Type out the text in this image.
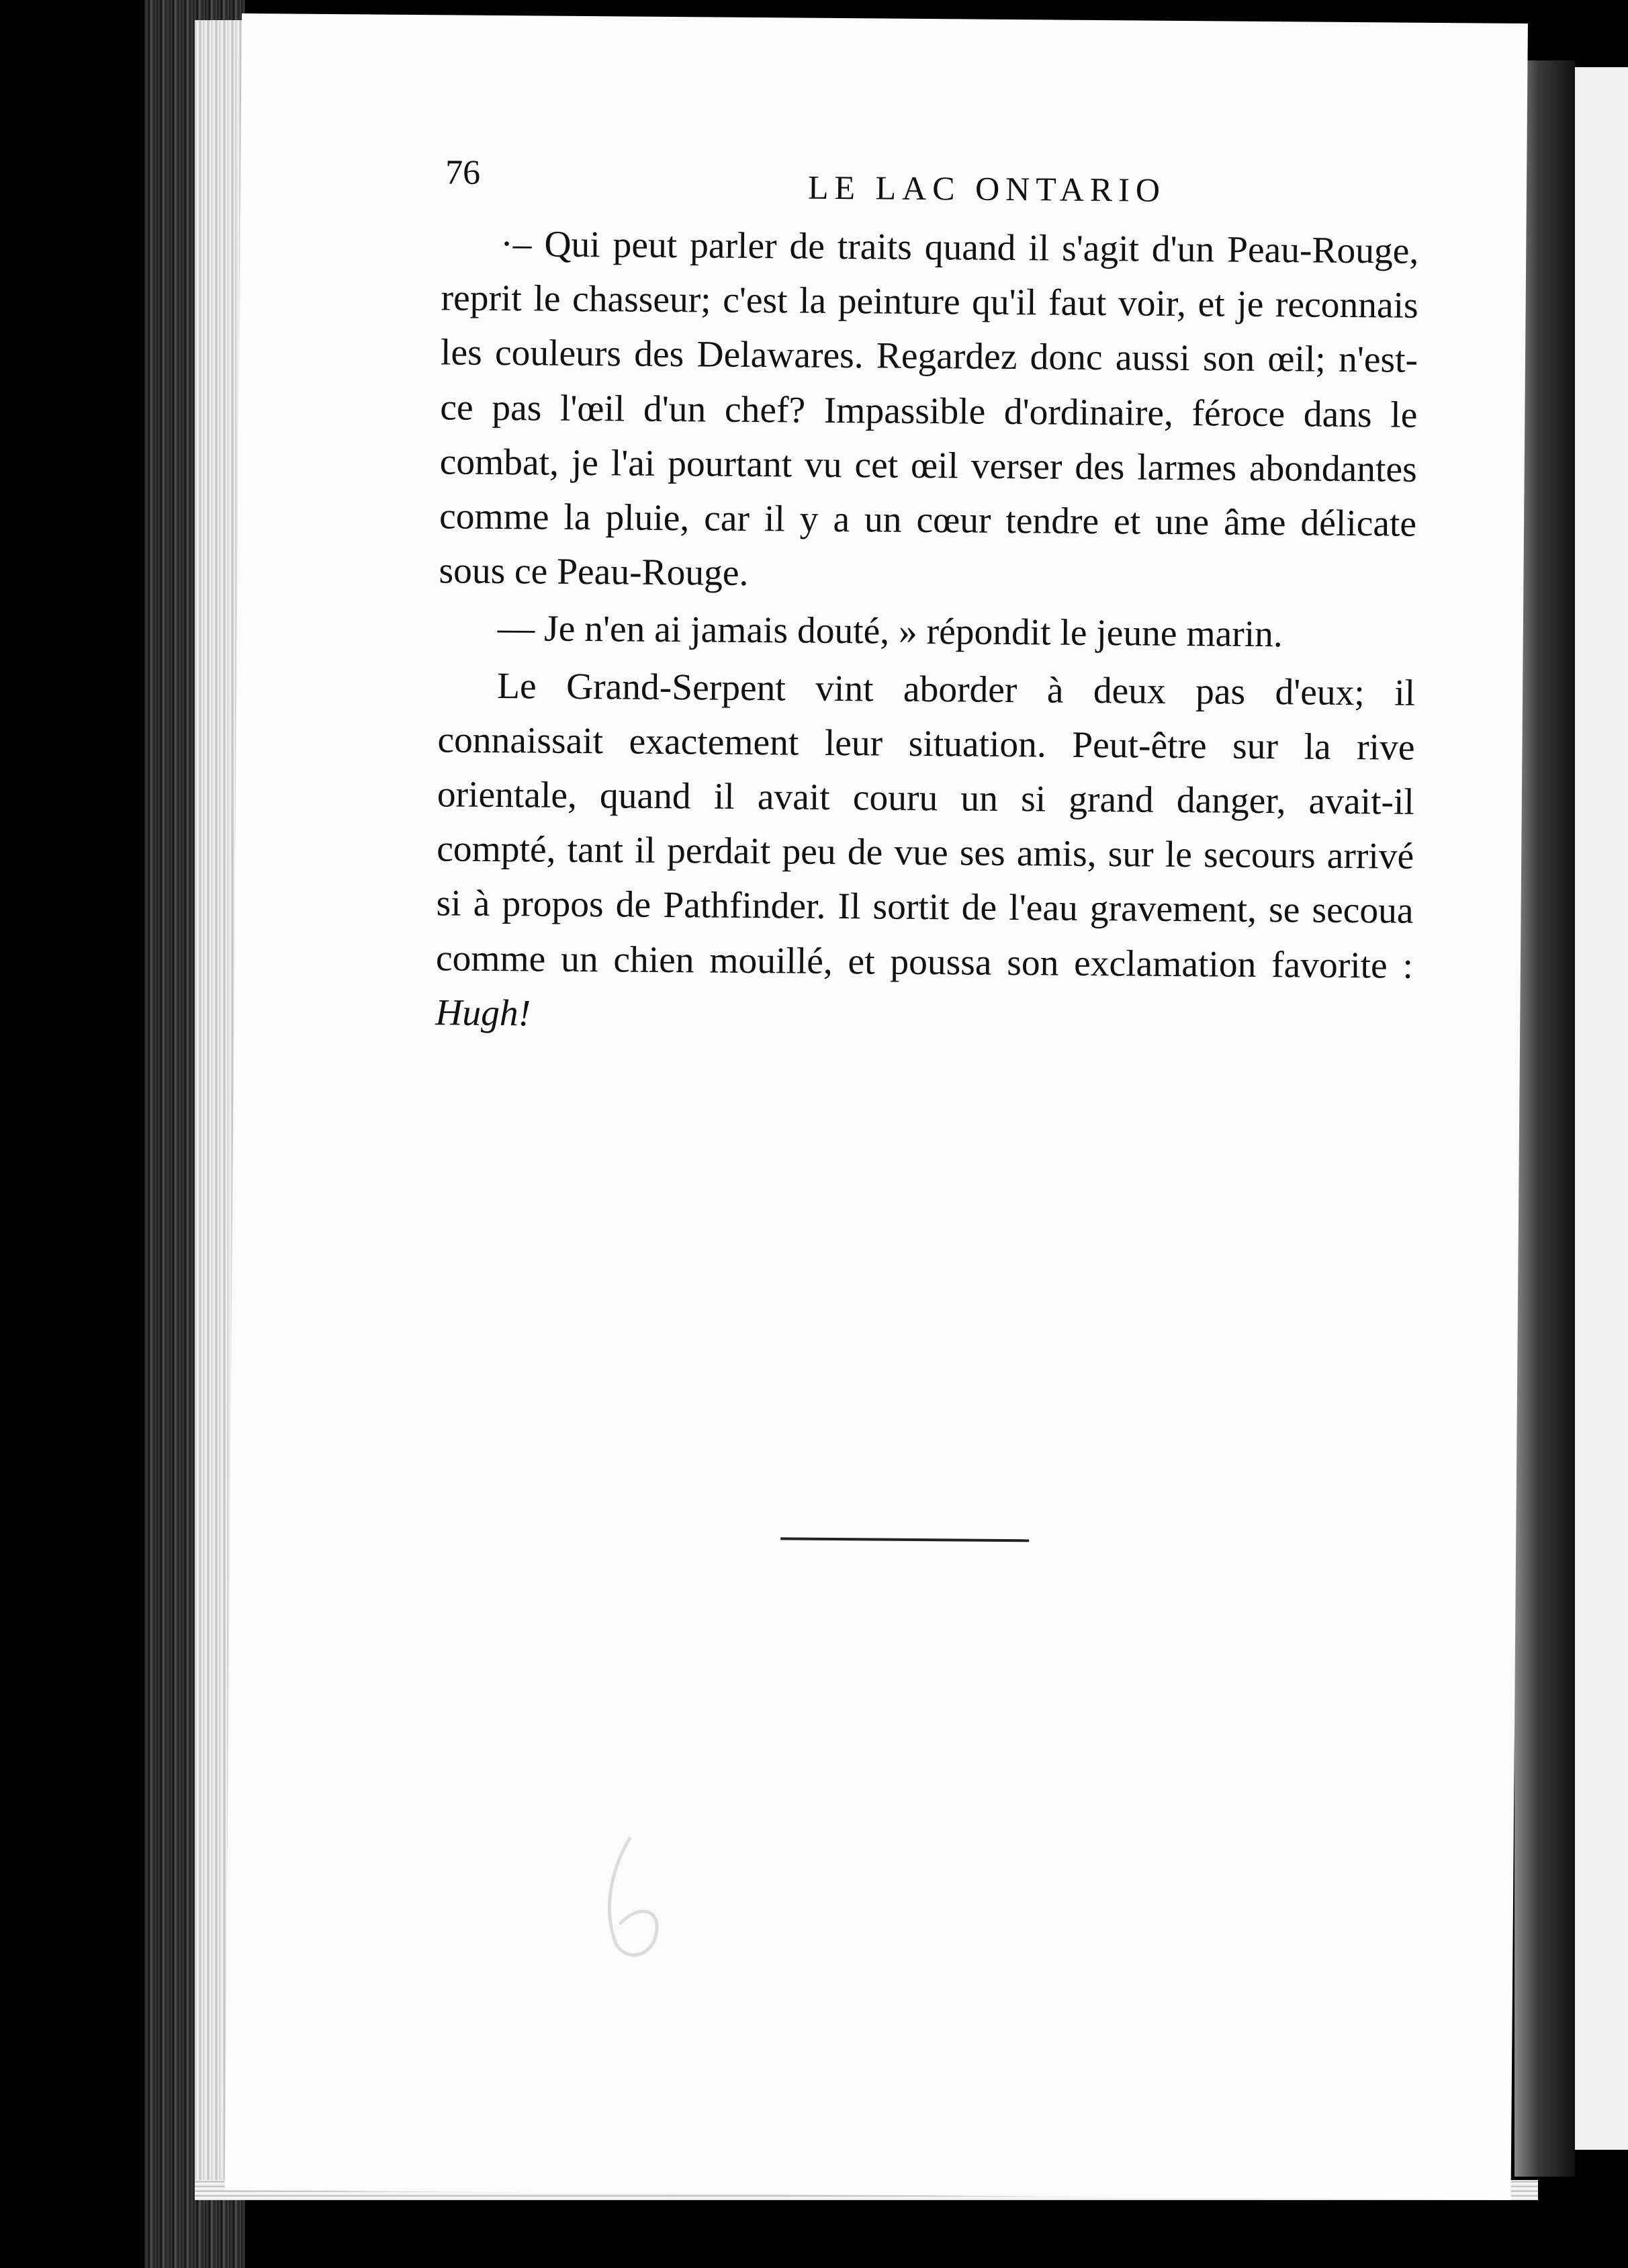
76	LE LAC ONTARIO

·– Qui peut parler de traits quand il s'agit d'un Peau-Rouge, reprit le chasseur; c'est la peinture qu'il faut voir, et je reconnais les couleurs des Delawares. Regardez donc aussi son œil; n'est-ce pas l'œil d'un chef? Impassible d'ordinaire, féroce dans le combat, je l'ai pourtant vu cet œil verser des larmes abondantes comme la pluie, car il y a un cœur tendre et une âme délicate sous ce Peau-Rouge.

— Je n'en ai jamais douté, » répondit le jeune marin.

Le Grand-Serpent vint aborder à deux pas d'eux; il connaissait exactement leur situation. Peut-être sur la rive orientale, quand il avait couru un si grand danger, avait-il compté, tant il perdait peu de vue ses amis, sur le secours arrivé si à propos de Pathfinder. Il sortit de l'eau gravement, se secoua comme un chien mouillé, et poussa son exclamation favorite : Hugh!
